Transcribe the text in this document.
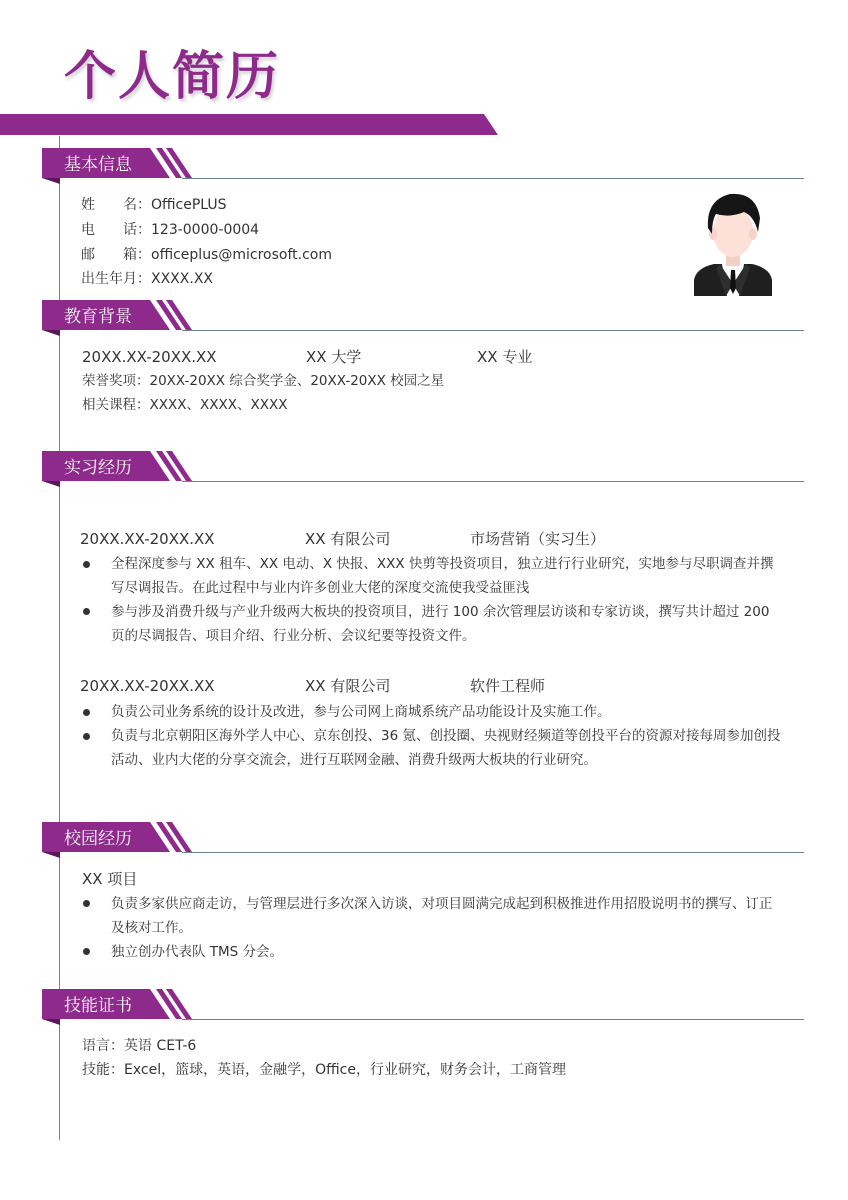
个人简历
基本信息
姓　　名：OfficePLUS
电　　话：123-0000-0004
邮　　箱：officeplus@microsoft.com
出生年月：XXXX.XX
教育背景
20XX.XX-20XX.XX	XX 大学	XX 专业
荣誉奖项：20XX-20XX 综合奖学金、20XX-20XX 校园之星
相关课程：XXXX、XXXX、XXXX
实习经历
20XX.XX-20XX.XX	XX 有限公司	市场营销（实习生）
全程深度参与 XX 租车、XX 电动、X 快报、XXX 快剪等投资项目，独立进行行业研究，实地参与尽职调查并撰写尽调报告。在此过程中与业内许多创业大佬的深度交流使我受益匪浅
参与涉及消费升级与产业升级两大板块的投资项目，进行 100 余次管理层访谈和专家访谈，撰写共计超过 200 页的尽调报告、项目介绍、行业分析、会议纪要等投资文件。
20XX.XX-20XX.XX	XX 有限公司	软件工程师
负责公司业务系统的设计及改进，参与公司网上商城系统产品功能设计及实施工作。
负责与北京朝阳区海外学人中心、京东创投、36 氪、创投圈、央视财经频道等创投平台的资源对接每周参加创投活动、业内大佬的分享交流会，进行互联网金融、消费升级两大板块的行业研究。
校园经历
XX 项目
负责多家供应商走访，与管理层进行多次深入访谈，对项目圆满完成起到积极推进作用招股说明书的撰写、订正及核对工作。
独立创办代表队 TMS 分会。
技能证书
语言：英语 CET-6
技能：Excel，篮球，英语，金融学，Office，行业研究，财务会计，工商管理
